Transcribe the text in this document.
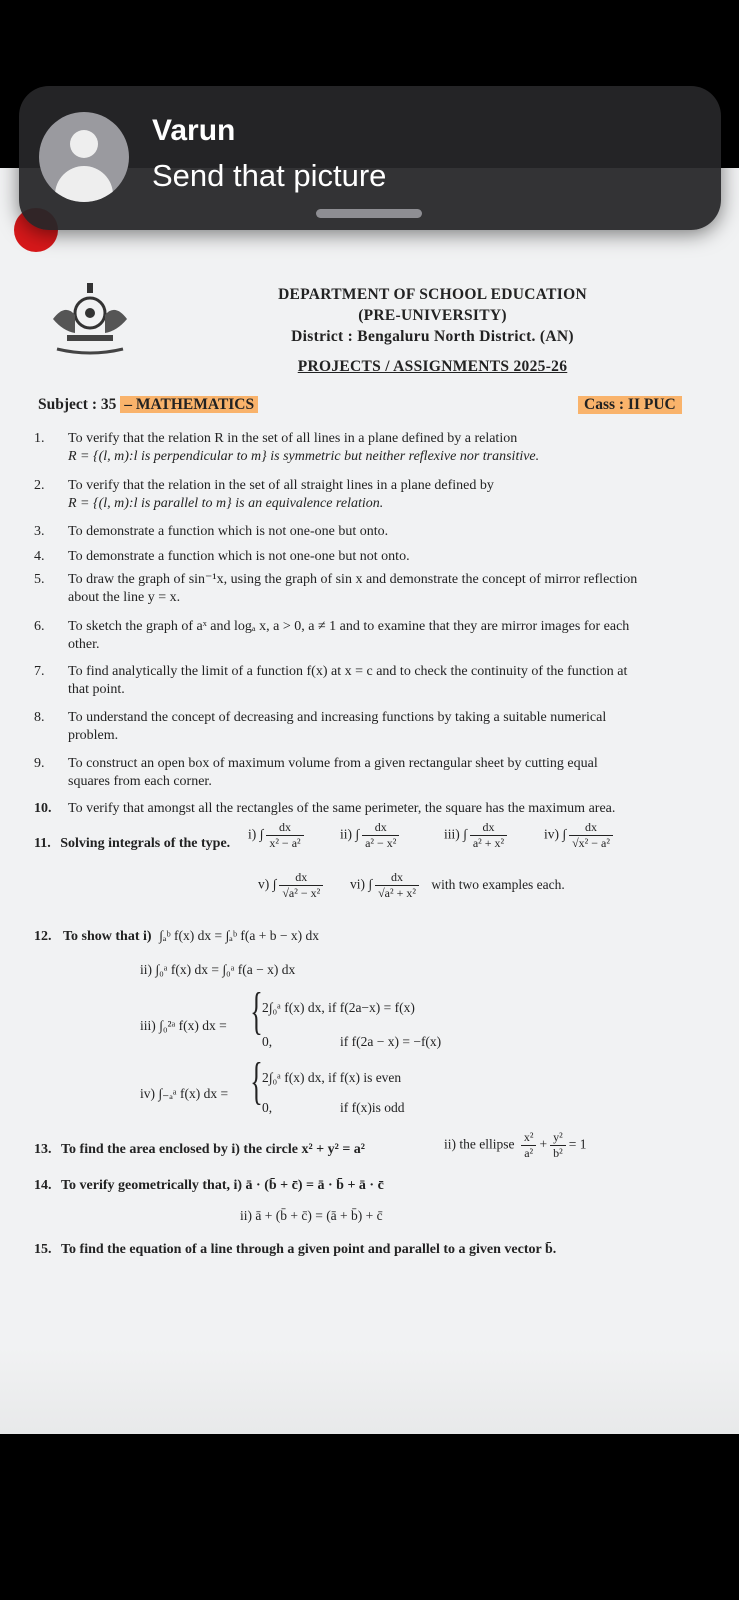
DEPARTMENT OF SCHOOL EDUCATION
(PRE-UNIVERSITY)
District : Bengaluru North District. (AN)
PROJECTS / ASSIGNMENTS 2025-26
Subject : 35 – MATHEMATICS	Cass : II PUC
1. To verify that the relation R in the set of all lines in a plane defined by a relation
R = {(l, m):l is perpendicular to m} is symmetric but neither reflexive nor transitive.
2. To verify that the relation in the set of all straight lines in a plane defined by
R = {(l, m):l is parallel to m} is an equivalence relation.
3. To demonstrate a function which is not one-one but onto.
4. To demonstrate a function which is not one-one but not onto.
5. To draw the graph of sin⁻¹x, using the graph of sin x and demonstrate the concept of mirror reflection
about the line y = x.
6. To sketch the graph of aˣ and logₐ x, a > 0, a ≠ 1 and to examine that they are mirror images for each
other.
7. To find analytically the limit of a function f(x) at x = c and to check the continuity of the function at
that point.
8. To understand the concept of decreasing and increasing functions by taking a suitable numerical
problem.
9. To construct an open box of maximum volume from a given rectangular sheet by cutting equal
squares from each corner.
10. To verify that amongst all the rectangles of the same perimeter, the square has the maximum area.
11. Solving integrals of the type.
i) ∫ $\frac{dx}{\text{x² − a²}}$	ii) ∫ $\frac{dx}{\text{a² − x²}}$	iii) ∫ $\frac{dx}{\text{a² + x²}}$	iv) ∫ $\frac{dx}{\text{√x² − a²}}$
v) ∫ $\frac{dx}{\text{√a² − x²}} vi$) ∫ $\frac{dx}{\text{√a² + x²}}$ with two examples each.
12. To show that i) ∫ₐᵇ f(x) dx = ∫ₐᵇ f(a + b − x) dx
ii) ∫₀ᵃ f(x) dx = ∫₀ᵃ f(a − x) dx
iii) ∫₀²ᵃ f(x) dx = { 2∫₀ᵃ f(x) dx, if f(2a−x) = f(x)
0,	if f(2a − x) = −f(x)
iv) ∫₋ₐᵃ f(x) dx = { 2∫₀ᵃ f(x) dx, if f(x) is even
0,	if f(x)is odd
13. To find the area enclosed by i) the circle x² + y² = a²	ii) the ellipse $\frac{\text{x²}}{\text{a²}} + \frac{\text{y²}}{\text{b²}} = 1$
14. To verify geometrically that, i) ā · (b̄ + c̄) = ā · b̄ + ā · c̄
ii) ā + (b̄ + c̄) = (ā + b̄) + c̄
15. To find the equation of a line through a given point and parallel to a given vector b̄.
Varun
Send that picture
